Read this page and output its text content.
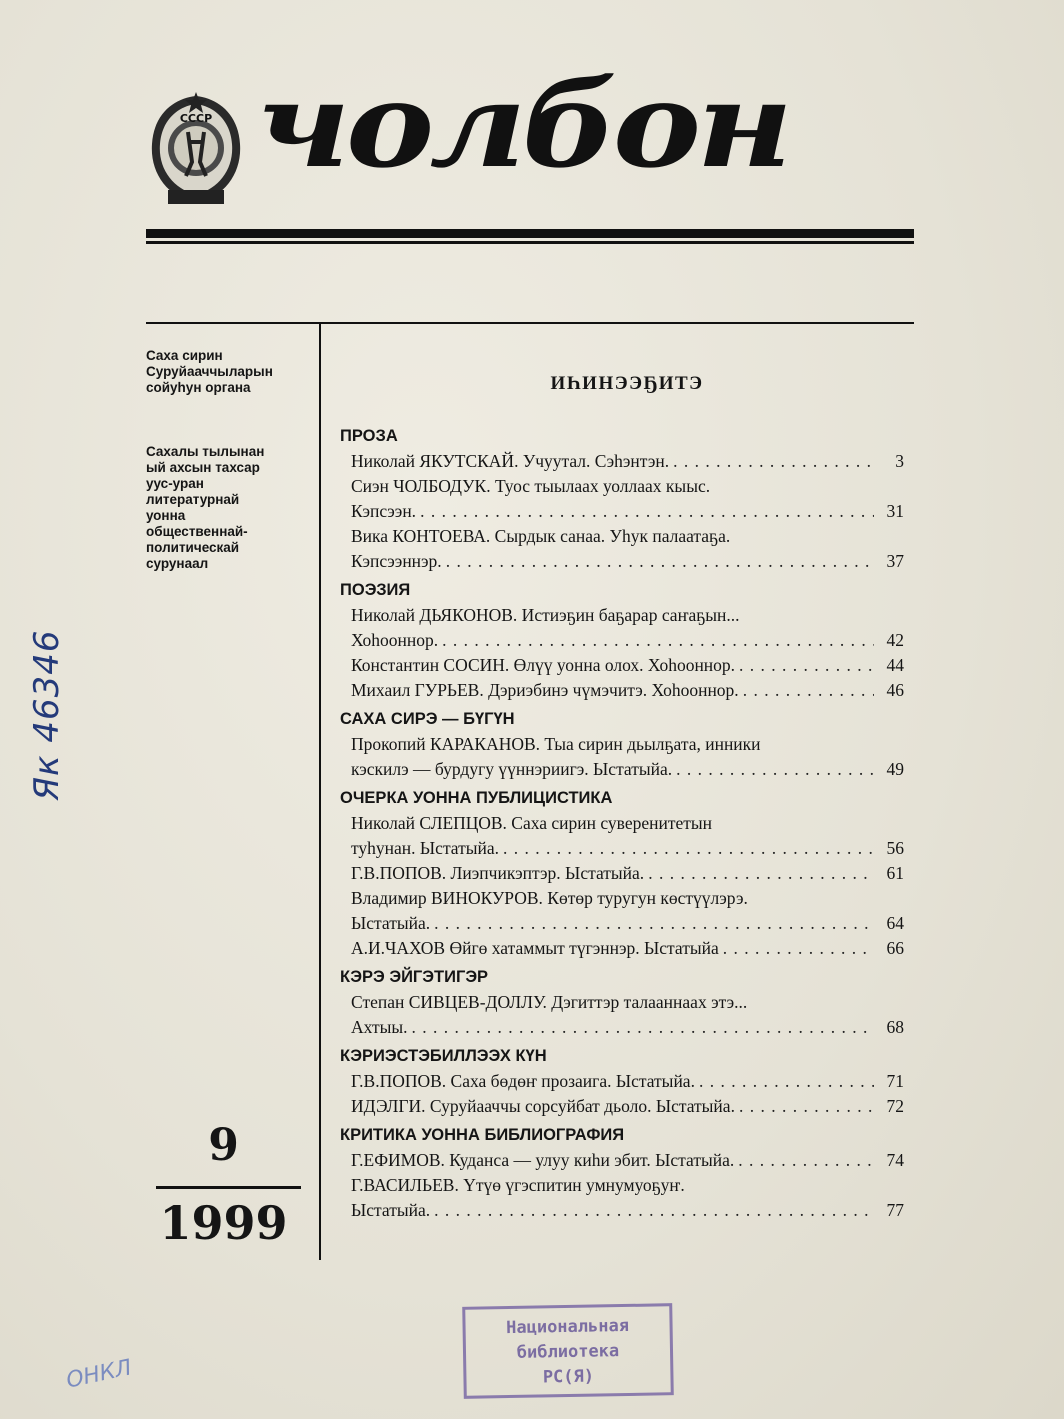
СССР чолбон
Саха сирин
Суруйааччыларын
сойуһун органа
Сахалы тылынан
ый ахсын тахсар
уус-уран
литературнай
уонна
общественнай-
политическай
сурунаал
9
1999
ИҺИНЭЭҔИТЭ
ПРОЗА
Николай ЯКУТСКАЙ. Учуутал. Сэһэнтэн. . . .	3
Сиэн ЧОЛБОДУК. Туос тыылаах уоллаах кыыс.
Кэпсээн. . . .	31
Вика КОНТОЕВА. Сырдык санаа. Уһук палаатаҕа.
Кэпсээннэр. . . .	37
ПОЭЗИЯ
Николай ДЬЯКОНОВ. Истиэҕин баҕарар саҥаҕын...
Хоһооннор. . . .	42
Константин СОСИН. Өлүү уонна олох. Хоһооннор. . . .	44
Михаил ГУРЬЕВ. Дэриэбинэ чүмэчитэ. Хоһооннор. . . .	46
САХА СИРЭ — БҮГҮН
Прокопий КАРАКАНОВ. Тыа сирин дьылҕата, инники
кэскилэ — бурдугу үүннэриигэ. Ыстатыйа. . . .	49
ОЧЕРКА УОННА ПУБЛИЦИСТИКА
Николай СЛЕПЦОВ. Саха сирин суверенитетын
туһунан. Ыстатыйа. . . .	56
Г.В.ПОПОВ. Лиэпчикэптэр. Ыстатыйа. . . .	61
Владимир ВИНОКУРОВ. Көтөр туругун көстүүлэрэ.
Ыстатыйа. . . .	64
А.И.ЧАХОВ Өйгө хатаммыт түгэннэр. Ыстатыйа . . .	66
КЭРЭ ЭЙГЭТИГЭР
Степан СИВЦЕВ-ДОЛЛУ. Дэгиттэр талааннаах этэ...
Ахтыы. . . .	68
КЭРИЭСТЭБИЛЛЭЭХ КҮН
Г.В.ПОПОВ. Саха бөдөҥ прозаига. Ыстатыйа. . . .	71
ИДЭЛГИ. Суруйааччы сорсуйбат дьоло. Ыстатыйа. . . .	72
КРИТИКА УОННА БИБЛИОГРАФИЯ
Г.ЕФИМОВ. Куданса — улуу киһи эбит. Ыстатыйа. . . .	74
Г.ВАСИЛЬЕВ. Үтүө үгэспитин умнумуоҕуҥ.
Ыстатыйа. . . .	77
Национальная
библиотека
РС(Я)
Як 46346
ОНКЛ
